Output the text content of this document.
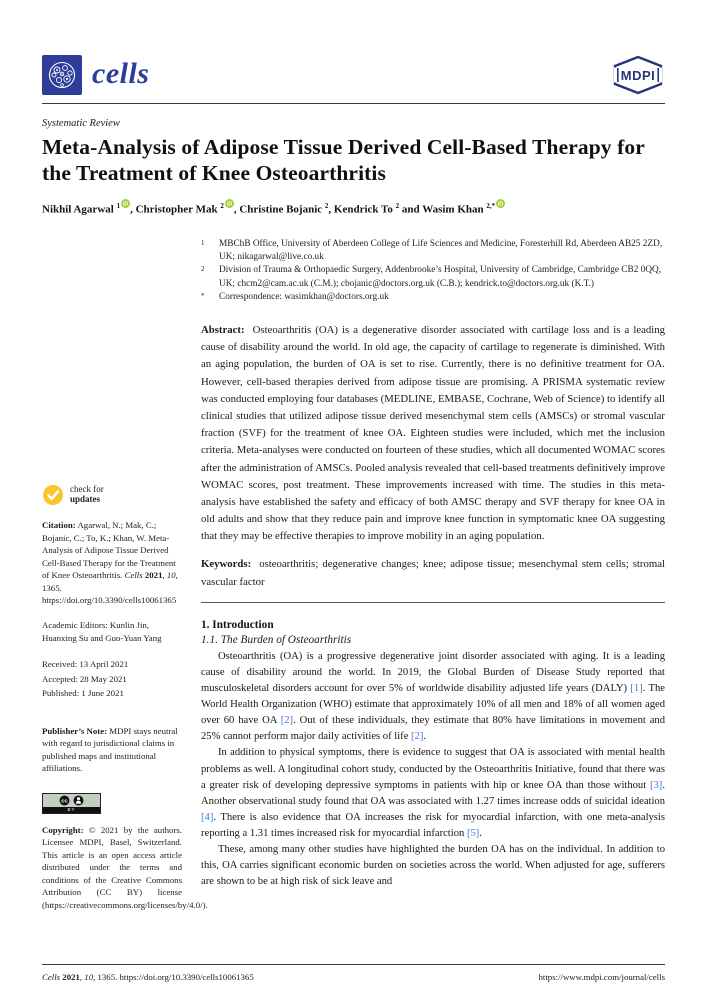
cells	MDPI
Systematic Review
Meta-Analysis of Adipose Tissue Derived Cell-Based Therapy for the Treatment of Knee Osteoarthritis
Nikhil Agarwal $^1$ iD , Christopher Mak $^2$ iD , Christine Bojanic $^2$, Kendrick To $^2$ and Wasim Khan $^{2,*}$ iD
check for
updates
Citation: Agarwal, N.; Mak, C.; Bojanic, C.; To, K.; Khan, W. Meta-Analysis of Adipose Tissue Derived Cell-Based Therapy for the Treatment of Knee Osteoarthritis. Cells 2021, 10, 1365. https://doi.org/10.3390/cells10061365
Academic Editors: Kunlin Jin, Huanxing Su and Guo-Yuan Yang
Received: 13 April 2021
Accepted: 28 May 2021
Published: 1 June 2021
Publisher’s Note: MDPI stays neutral with regard to jurisdictional claims in published maps and institutional affiliations.
cc
BY
Copyright: © 2021 by the authors. Licensee MDPI, Basel, Switzerland. This article is an open access article distributed under the terms and conditions of the Creative Commons Attribution (CC BY) license (https://creativecommons.org/licenses/by/4.0/).
1	MBChB Office, University of Aberdeen College of Life Sciences and Medicine, Foresterhill Rd, Aberdeen AB25 2ZD, UK; nikagarwal@live.co.uk
2	Division of Trauma & Orthopaedic Surgery, Addenbrooke’s Hospital, University of Cambridge, Cambridge CB2 0QQ, UK; chcm2@cam.ac.uk (C.M.); cbojanic@doctors.org.uk (C.B.); kendrick.to@doctors.org.uk (K.T.)
*	Correspondence: wasimkhan@doctors.org.uk
Abstract: Osteoarthritis (OA) is a degenerative disorder associated with cartilage loss and is a leading cause of disability around the world. In old age, the capacity of cartilage to regenerate is diminished. With an aging population, the burden of OA is set to rise. Currently, there is no definitive treatment for OA. However, cell-based therapies derived from adipose tissue are promising. A PRISMA systematic review was conducted employing four databases (MEDLINE, EMBASE, Cochrane, Web of Science) to identify all clinical studies that utilized adipose tissue derived mesenchymal stem cells (AMSCs) or stromal vascular fraction (SVF) for the treatment of knee OA. Eighteen studies were included, which met the inclusion criteria. Meta-analyses were conducted on fourteen of these studies, which all documented WOMAC scores after the administration of AMSCs. Pooled analysis revealed that cell-based treatments definitively improve WOMAC scores, post treatment. These improvements increased with time. The studies in this meta-analysis have established the safety and efficacy of both AMSC therapy and SVF therapy for knee OA in old adults and show that they reduce pain and improve knee function in symptomatic knee OA suggesting that they may be effective therapies to improve mobility in an aging population.
Keywords: osteoarthritis; degenerative changes; knee; adipose tissue; mesenchymal stem cells; stromal vascular factor
1. Introduction
1.1. The Burden of Osteoarthritis

Osteoarthritis (OA) is a progressive degenerative joint disorder associated with aging. It is a leading cause of disability around the world. In 2019, the Global Burden of Disease Study reported that musculoskeletal disorders account for over 5% of worldwide disability adjusted life years (DALY) [1]. The World Health Organization (WHO) estimate that approximately 10% of all men and 18% of all women aged over 60 have OA [2]. Out of these individuals, they estimate that 80% have limitations in movement and 25% cannot perform major daily activities of life [2].

In addition to physical symptoms, there is evidence to suggest that OA is associated with mental health problems as well. A longitudinal cohort study, conducted by the Osteoarthritis Initiative, found that there was a greater risk of developing depressive symptoms in patients with hip or knee OA than those without [3]. Another observational study found that OA was associated with 1.27 times increase odds of suicidal ideation [4]. There is also evidence that OA increases the risk for myocardial infarction, with one meta-analysis reporting a 1.31 times increased risk for myocardial infarction [5].

These, among many other studies have highlighted the burden OA has on the individual. In addition to this, OA carries significant economic burden on societies across the world. When adjusted for age, sufferers are shown to be at high risk of sick leave and

Cells 2021, 10, 1365. https://doi.org/10.3390/cells10061365	https://www.mdpi.com/journal/cells
